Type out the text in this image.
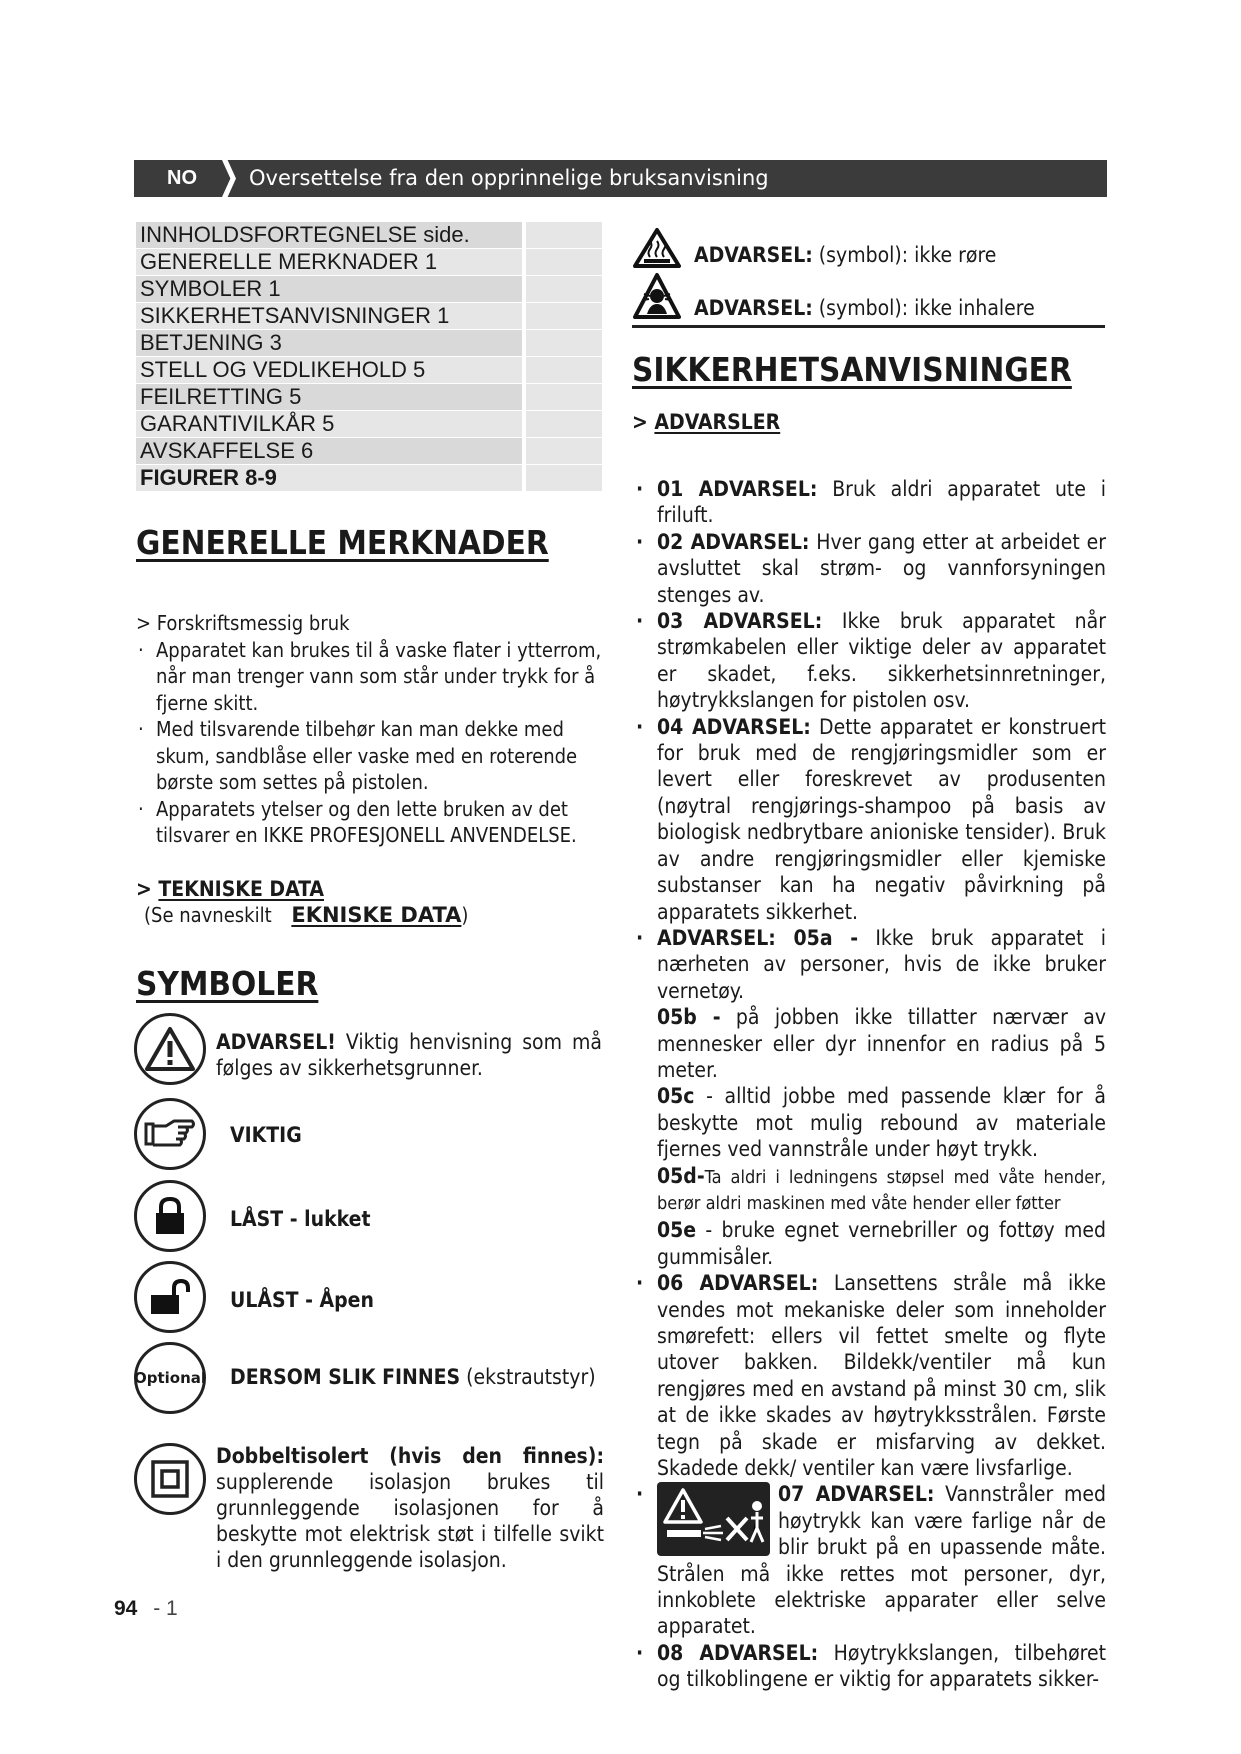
NO	Oversettelse fra den opprinnelige bruksanvisning
INNHOLDSFORTEGNELSE side.
GENERELLE MERKNADER 1
SYMBOLER 1
SIKKERHETSANVISNINGER 1
BETJENING 3
STELL OG VEDLIKEHOLD 5
FEILRETTING 5
GARANTIVILKÅR 5
AVSKAFFELSE 6
FIGURER 8-9
GENERELLE MERKNADER

> Forskriftsmessig bruk

· Apparatet kan brukes til å vaske flater i ytterrom, når man trenger vann som står under trykk for å fjerne skitt.

· Med tilsvarende tilbehør kan man dekke med skum, sandblåse eller vaske med en roterende børste som settes på pistolen.

· Apparatets ytelser og den lette bruken av det tilsvarer en IKKE PROFESJONELL ANVENDELSE.

> TEKNISKE DATA
(Se navneskilt EKNISKE DATA)
SYMBOLER
ADVARSEL! Viktig henvisning som må følges av sikkerhetsgrunner.
VIKTIG
LÅST - lukket
ULÅST - Åpen
Optional DERSOM SLIK FINNES (ekstrautstyr)
Dobbeltisolert (hvis den finnes): supplerende isolasjon brukes til grunnleggende isolasjonen for å beskytte mot elektrisk støt i tilfelle svikt i den grunnleggende isolasjon.
94 - 1
ADVARSEL: (symbol): ikke røre
ADVARSEL: (symbol): ikke inhalere
SIKKERHETSANVISNINGER
> ADVARSLER

· 01 ADVARSEL: Bruk aldri apparatet ute i friluft.

· 02 ADVARSEL: Hver gang etter at arbeidet er avsluttet skal strøm- og vannforsyningen stenges av.

· 03 ADVARSEL: Ikke bruk apparatet når strømkabelen eller viktige deler av apparatet er skadet, f.eks. sikkerhetsinnretninger, høytrykkslangen for pistolen osv.

· 04 ADVARSEL: Dette apparatet er konstruert for bruk med de rengjøringsmidler som er levert eller foreskrevet av produsenten (nøytral rengjørings-shampoo på basis av biologisk nedbrytbare anioniske tensider). Bruk av andre rengjøringsmidler eller kjemiske substanser kan ha negativ påvirkning på apparatets sikkerhet.

· ADVARSEL: 05a - Ikke bruk apparatet i nærheten av personer, hvis de ikke bruker vernetøy.

05b - på jobben ikke tillatter nærvær av mennesker eller dyr innenfor en radius på 5 meter.

05c - alltid jobbe med passende klær for å beskytte mot mulig rebound av materiale fjernes ved vannstråle under høyt trykk.

05d-Ta aldri i ledningens støpsel med våte hender, berør aldri maskinen med våte hender eller føtter

05e - bruke egnet vernebriller og fottøy med gummisåler.

· 06 ADVARSEL: Lansettens stråle må ikke vendes mot mekaniske deler som inneholder smørefett: ellers vil fettet smelte og flyte utover bakken. Bildekk/ventiler må kun rengjøres med en avstand på minst 30 cm, slik at de ikke skades av høytrykksstrålen. Første tegn på skade er misfarving av dekket. Skadede dekk/ ventiler kan være livsfarlige.

· 07 ADVARSEL: Vannstråler med høytrykk kan være farlige når de blir brukt på en upassende måte. Strålen må ikke rettes mot personer, dyr, innkoblete elektriske apparater eller selve apparatet.

· 08 ADVARSEL: Høytrykkslangen, tilbehøret og tilkoblingene er viktig for apparatets sikker-
